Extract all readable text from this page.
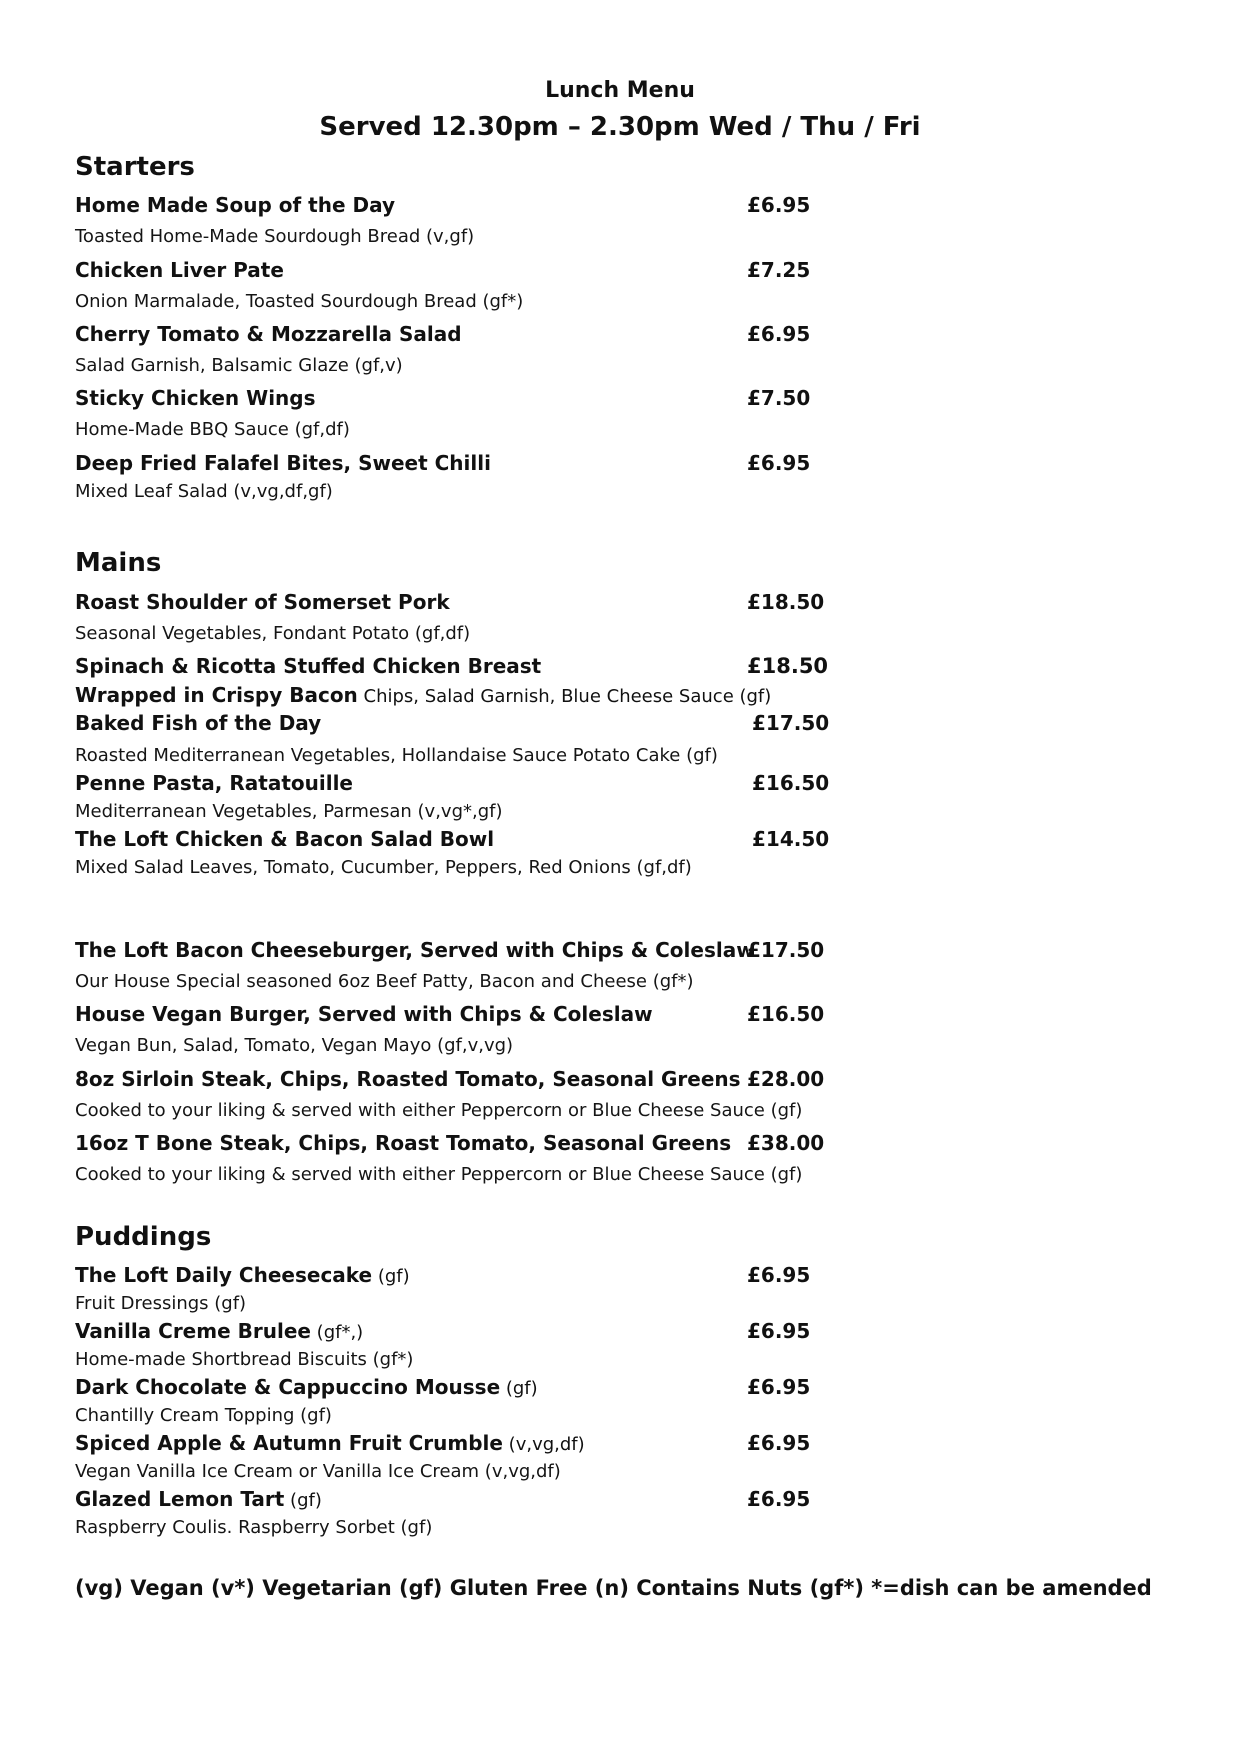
Lunch Menu
Served 12.30pm – 2.30pm Wed / Thu / Fri
Starters
Home Made Soup of the Day	£6.95
Toasted Home-Made Sourdough Bread (v,gf)
Chicken Liver Pate	£7.25
Onion Marmalade, Toasted Sourdough Bread (gf*)
Cherry Tomato & Mozzarella Salad	£6.95
Salad Garnish, Balsamic Glaze (gf,v)
Sticky Chicken Wings	£7.50
Home-Made BBQ Sauce (gf,df)
Deep Fried Falafel Bites, Sweet Chilli	£6.95
Mixed Leaf Salad (v,vg,df,gf)
Mains
Roast Shoulder of Somerset Pork	£18.50
Seasonal Vegetables, Fondant Potato (gf,df)
Spinach & Ricotta Stuffed Chicken Breast	£18.50
Wrapped in Crispy Bacon Chips, Salad Garnish, Blue Cheese Sauce (gf)
Baked Fish of the Day	£17.50
Roasted Mediterranean Vegetables, Hollandaise Sauce Potato Cake (gf)
Penne Pasta, Ratatouille	£16.50
Mediterranean Vegetables, Parmesan (v,vg*,gf)
The Loft Chicken & Bacon Salad Bowl	£14.50
Mixed Salad Leaves, Tomato, Cucumber, Peppers, Red Onions (gf,df)
The Loft Bacon Cheeseburger, Served with Chips & Coleslaw
£17.50
Our House Special seasoned 6oz Beef Patty, Bacon and Cheese (gf*)
House Vegan Burger, Served with Chips & Coleslaw	£16.50
Vegan Bun, Salad, Tomato, Vegan Mayo (gf,v,vg)
8oz Sirloin Steak, Chips, Roasted Tomato, Seasonal Greens £28.00
Cooked to your liking & served with either Peppercorn or Blue Cheese Sauce (gf)
16oz T Bone Steak, Chips, Roast Tomato, Seasonal Greens £38.00
Cooked to your liking & served with either Peppercorn or Blue Cheese Sauce (gf)
Puddings
The Loft Daily Cheesecake (gf)	£6.95
Fruit Dressings (gf)
Vanilla Creme Brulee (gf*,)	£6.95
Home-made Shortbread Biscuits (gf*)
Dark Chocolate & Cappuccino Mousse (gf)	£6.95
Chantilly Cream Topping (gf)
Spiced Apple & Autumn Fruit Crumble (v,vg,df)	£6.95
Vegan Vanilla Ice Cream or Vanilla Ice Cream (v,vg,df)
Glazed Lemon Tart (gf)	£6.95
Raspberry Coulis. Raspberry Sorbet (gf)
(vg) Vegan (v*) Vegetarian (gf) Gluten Free (n) Contains Nuts (gf*) *=dish can be amended
